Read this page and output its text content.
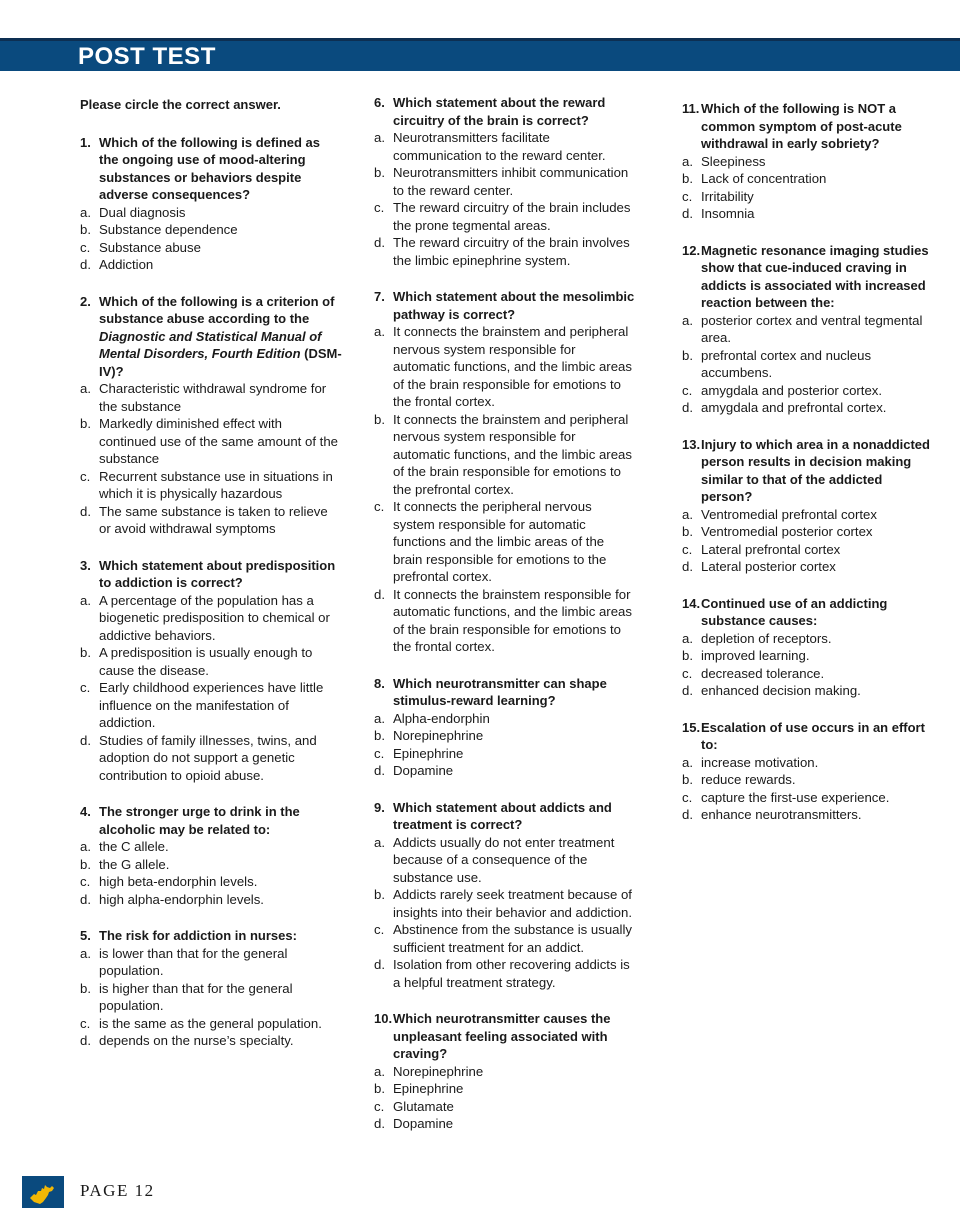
POST TEST
Please circle the correct answer.
1. Which of the following is defined as the ongoing use of mood-altering substances or behaviors despite adverse consequences?
a. Dual diagnosis
b. Substance dependence
c. Substance abuse
d. Addiction
2. Which of the following is a criterion of substance abuse according to the Diagnostic and Statistical Manual of Mental Disorders, Fourth Edition (DSM-IV)?
a. Characteristic withdrawal syndrome for the substance
b. Markedly diminished effect with continued use of the same amount of the substance
c. Recurrent substance use in situations in which it is physically hazardous
d. The same substance is taken to relieve or avoid withdrawal symptoms
3. Which statement about predisposition to addiction is correct?
a. A percentage of the population has a biogenetic predisposition to chemical or addictive behaviors.
b. A predisposition is usually enough to cause the disease.
c. Early childhood experiences have little influence on the manifestation of addiction.
d. Studies of family illnesses, twins, and adoption do not support a genetic contribution to opioid abuse.
4. The stronger urge to drink in the alcoholic may be related to:
a. the C allele.
b. the G allele.
c. high beta-endorphin levels.
d. high alpha-endorphin levels.
5. The risk for addiction in nurses:
a. is lower than that for the general population.
b. is higher than that for the general population.
c. is the same as the general population.
d. depends on the nurse’s specialty.
6. Which statement about the reward circuitry of the brain is correct?
a. Neurotransmitters facilitate communication to the reward center.
b. Neurotransmitters inhibit communication to the reward center.
c. The reward circuitry of the brain includes the prone tegmental areas.
d. The reward circuitry of the brain involves the limbic epinephrine system.
7. Which statement about the mesolimbic pathway is correct?
a. It connects the brainstem and peripheral nervous system responsible for automatic functions, and the limbic areas of the brain responsible for emotions to the frontal cortex.
b. It connects the brainstem and peripheral nervous system responsible for automatic functions, and the limbic areas of the brain responsible for emotions to the prefrontal cortex.
c. It connects the peripheral nervous system responsible for automatic functions and the limbic areas of the brain responsible for emotions to the prefrontal cortex.
d. It connects the brainstem responsible for automatic functions, and the limbic areas of the brain responsible for emotions to the frontal cortex.
8. Which neurotransmitter can shape stimulus-reward learning?
a. Alpha-endorphin
b. Norepinephrine
c. Epinephrine
d. Dopamine
9. Which statement about addicts and treatment is correct?
a. Addicts usually do not enter treatment because of a consequence of the substance use.
b. Addicts rarely seek treatment because of insights into their behavior and addiction.
c. Abstinence from the substance is usually sufficient treatment for an addict.
d. Isolation from other recovering addicts is a helpful treatment strategy.
10. Which neurotransmitter causes the unpleasant feeling associated with craving?
a. Norepinephrine
b. Epinephrine
c. Glutamate
d. Dopamine
11. Which of the following is NOT a common symptom of post-acute withdrawal in early sobriety?
a. Sleepiness
b. Lack of concentration
c. Irritability
d. Insomnia
12. Magnetic resonance imaging studies show that cue-induced craving in addicts is associated with increased reaction between the:
a. posterior cortex and ventral tegmental area.
b. prefrontal cortex and nucleus accumbens.
c. amygdala and posterior cortex.
d. amygdala and prefrontal cortex.
13. Injury to which area in a nonaddicted person results in decision making similar to that of the addicted person?
a. Ventromedial prefrontal cortex
b. Ventromedial posterior cortex
c. Lateral prefrontal cortex
d. Lateral posterior cortex
14. Continued use of an addicting substance causes:
a. depletion of receptors.
b. improved learning.
c. decreased tolerance.
d. enhanced decision making.
15. Escalation of use occurs in an effort to:
a. increase motivation.
b. reduce rewards.
c. capture the first-use experience.
d. enhance neurotransmitters.
PAGE 12
